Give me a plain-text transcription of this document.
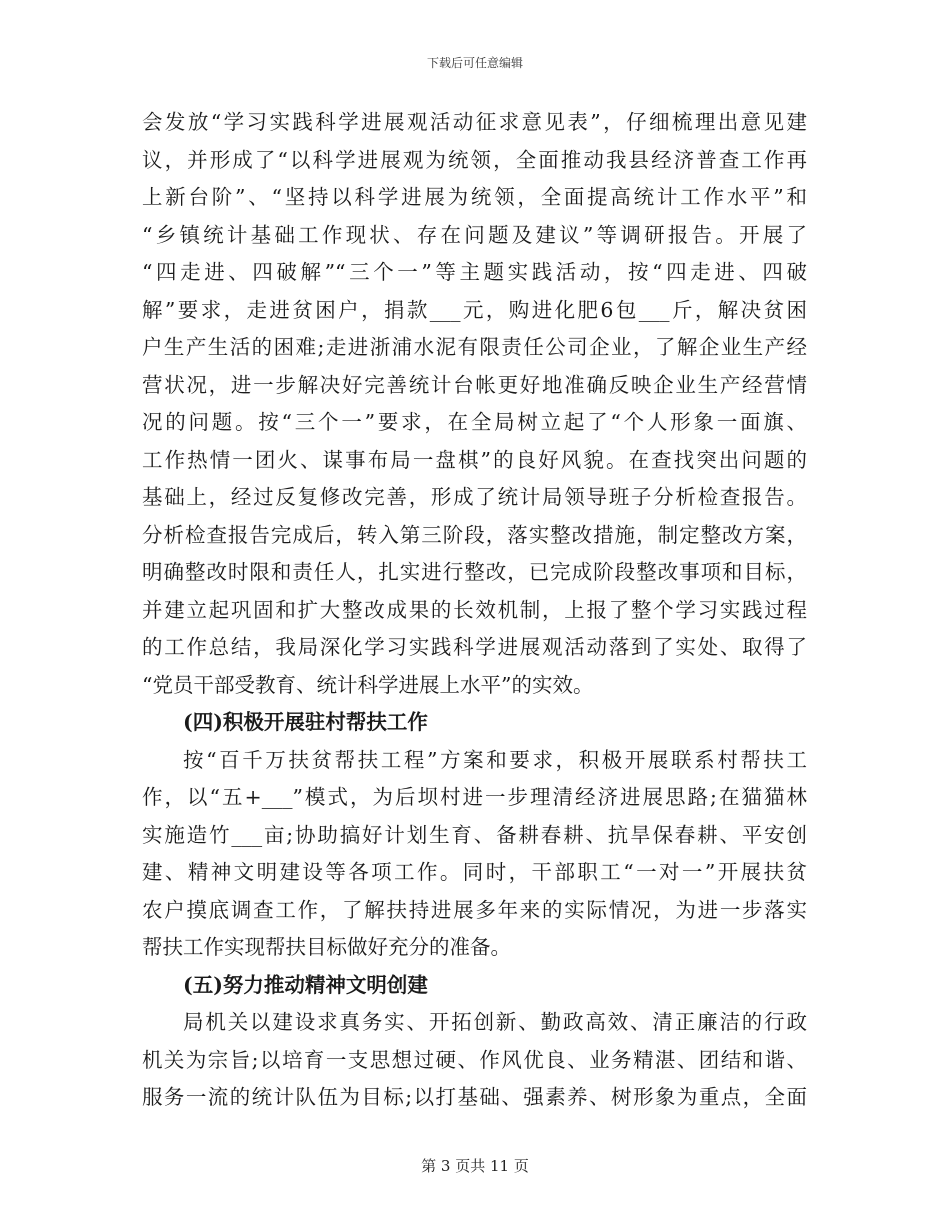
下载后可任意编辑
会发放“学习实践科学进展观活动征求意见表”，仔细梳理出意见建
议，并形成了“以科学进展观为统领，全面推动我县经济普查工作再
上新台阶”、“坚持以科学进展为统领，全面提高统计工作水平”和
“乡镇统计基础工作现状、存在问题及建议”等调研报告。开展了
“四走进、四破解”“三个一”等主题实践活动，按“四走进、四破
解”要求，走进贫困户，捐款___元，购进化肥6包___斤，解决贫困
户生产生活的困难;走进浙浦水泥有限责任公司企业，了解企业生产经
营状况，进一步解决好完善统计台帐更好地准确反映企业生产经营情
况的问题。按“三个一”要求，在全局树立起了“个人形象一面旗、
工作热情一团火、谋事布局一盘棋”的良好风貌。在查找突出问题的
基础上，经过反复修改完善，形成了统计局领导班子分析检查报告。
分析检查报告完成后，转入第三阶段，落实整改措施，制定整改方案，
明确整改时限和责任人，扎实进行整改，已完成阶段整改事项和目标，
并建立起巩固和扩大整改成果的长效机制，上报了整个学习实践过程
的工作总结，我局深化学习实践科学进展观活动落到了实处、取得了
“党员干部受教育、统计科学进展上水平”的实效。
(四)积极开展驻村帮扶工作
按“百千万扶贫帮扶工程”方案和要求，积极开展联系村帮扶工
作，以“五+___”模式，为后坝村进一步理清经济进展思路;在猫猫林
实施造竹___亩;协助搞好计划生育、备耕春耕、抗旱保春耕、平安创
建、精神文明建设等各项工作。同时，干部职工“一对一”开展扶贫
农户摸底调查工作，了解扶持进展多年来的实际情况，为进一步落实
帮扶工作实现帮扶目标做好充分的准备。
(五)努力推动精神文明创建
局机关以建设求真务实、开拓创新、勤政高效、清正廉洁的行政
机关为宗旨;以培育一支思想过硬、作风优良、业务精湛、团结和谐、
服务一流的统计队伍为目标;以打基础、强素养、树形象为重点，全面
第 3 页共 11 页
